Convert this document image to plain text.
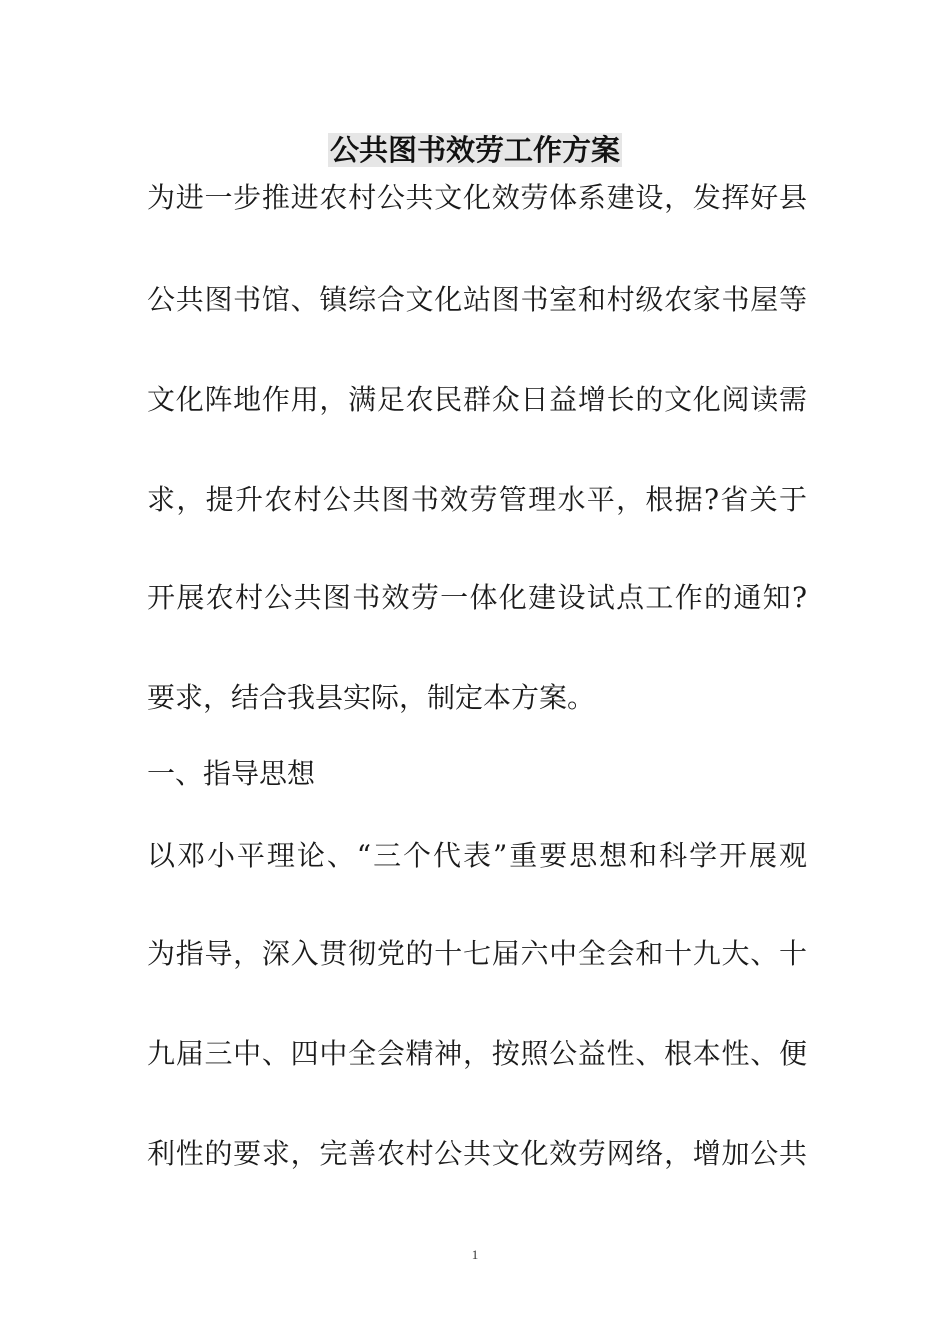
公共图书效劳工作方案
为进一步推进农村公共文化效劳体系建设，发挥好县
公共图书馆、镇综合文化站图书室和村级农家书屋等
文化阵地作用，满足农民群众日益增长的文化阅读需
求，提升农村公共图书效劳管理水平，根据?省关于
开展农村公共图书效劳一体化建设试点工作的通知?
要求，结合我县实际，制定本方案。
一、指导思想
以邓小平理论、“三个代表”重要思想和科学开展观
为指导，深入贯彻党的十七届六中全会和十九大、十
九届三中、四中全会精神，按照公益性、根本性、便
利性的要求，完善农村公共文化效劳网络，增加公共
1
